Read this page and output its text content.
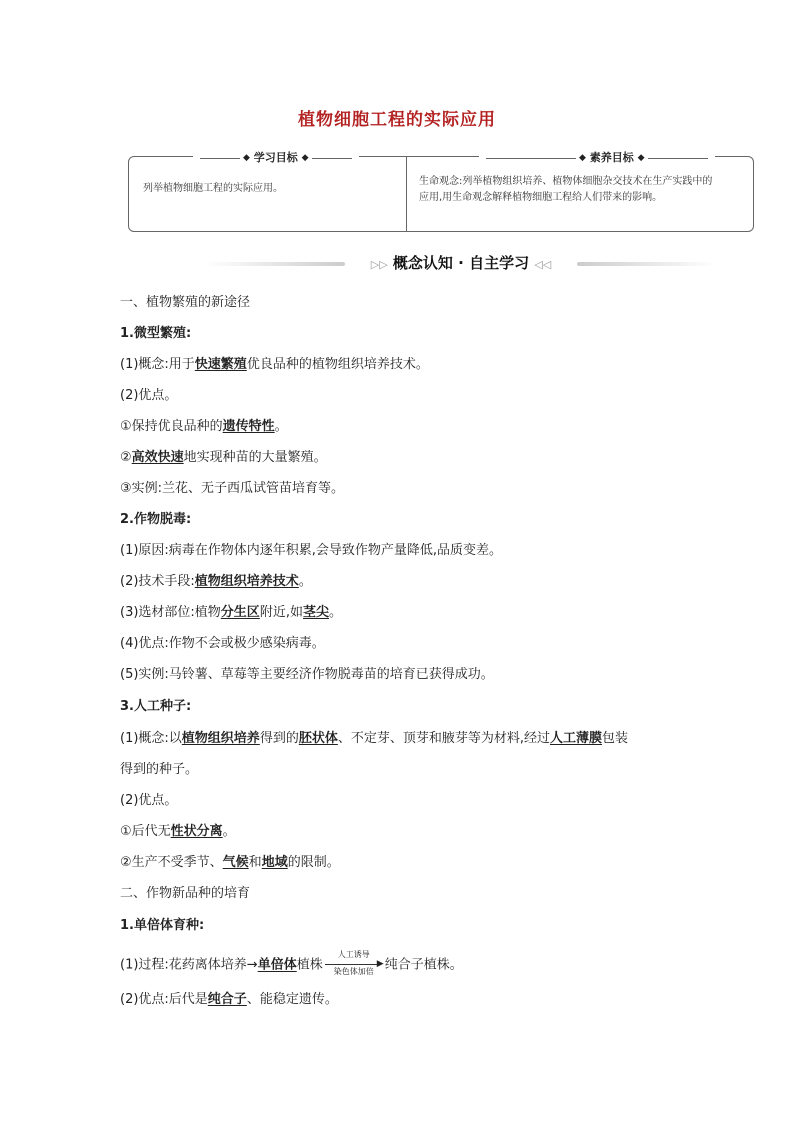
植物细胞工程的实际应用
◆ 学习目标 ◆	◆ 素养目标 ◆
列举植物细胞工程的实际应用。
生命观念:列举植物组织培养、植物体细胞杂交技术在生产实践中的
应用,用生命观念解释植物细胞工程给人们带来的影响。
▷▷ 概念认知 · 自主学习 ◁◁
一、植物繁殖的新途径
1.微型繁殖:
(1)概念:用于快速繁殖优良品种的植物组织培养技术。
(2)优点。
①保持优良品种的遗传特性。
②高效快速地实现种苗的大量繁殖。
③实例:兰花、无子西瓜试管苗培育等。
2.作物脱毒:
(1)原因:病毒在作物体内逐年积累,会导致作物产量降低,品质变差。
(2)技术手段:植物组织培养技术。
(3)选材部位:植物分生区附近,如茎尖。
(4)优点:作物不会或极少感染病毒。
(5)实例:马铃薯、草莓等主要经济作物脱毒苗的培育已获得成功。
3.人工种子:
(1)概念:以植物组织培养得到的胚状体、不定芽、顶芽和腋芽等为材料,经过人工薄膜包装
得到的种子。
(2)优点。
①后代无性状分离。
②生产不受季节、气候和地域的限制。
二、作物新品种的培育
1.单倍体育种:
(1)过程:花药离体培养→单倍体植株
人工诱导
▶
染色体加倍 纯合子植株。
(2)优点:后代是纯合子、能稳定遗传。
